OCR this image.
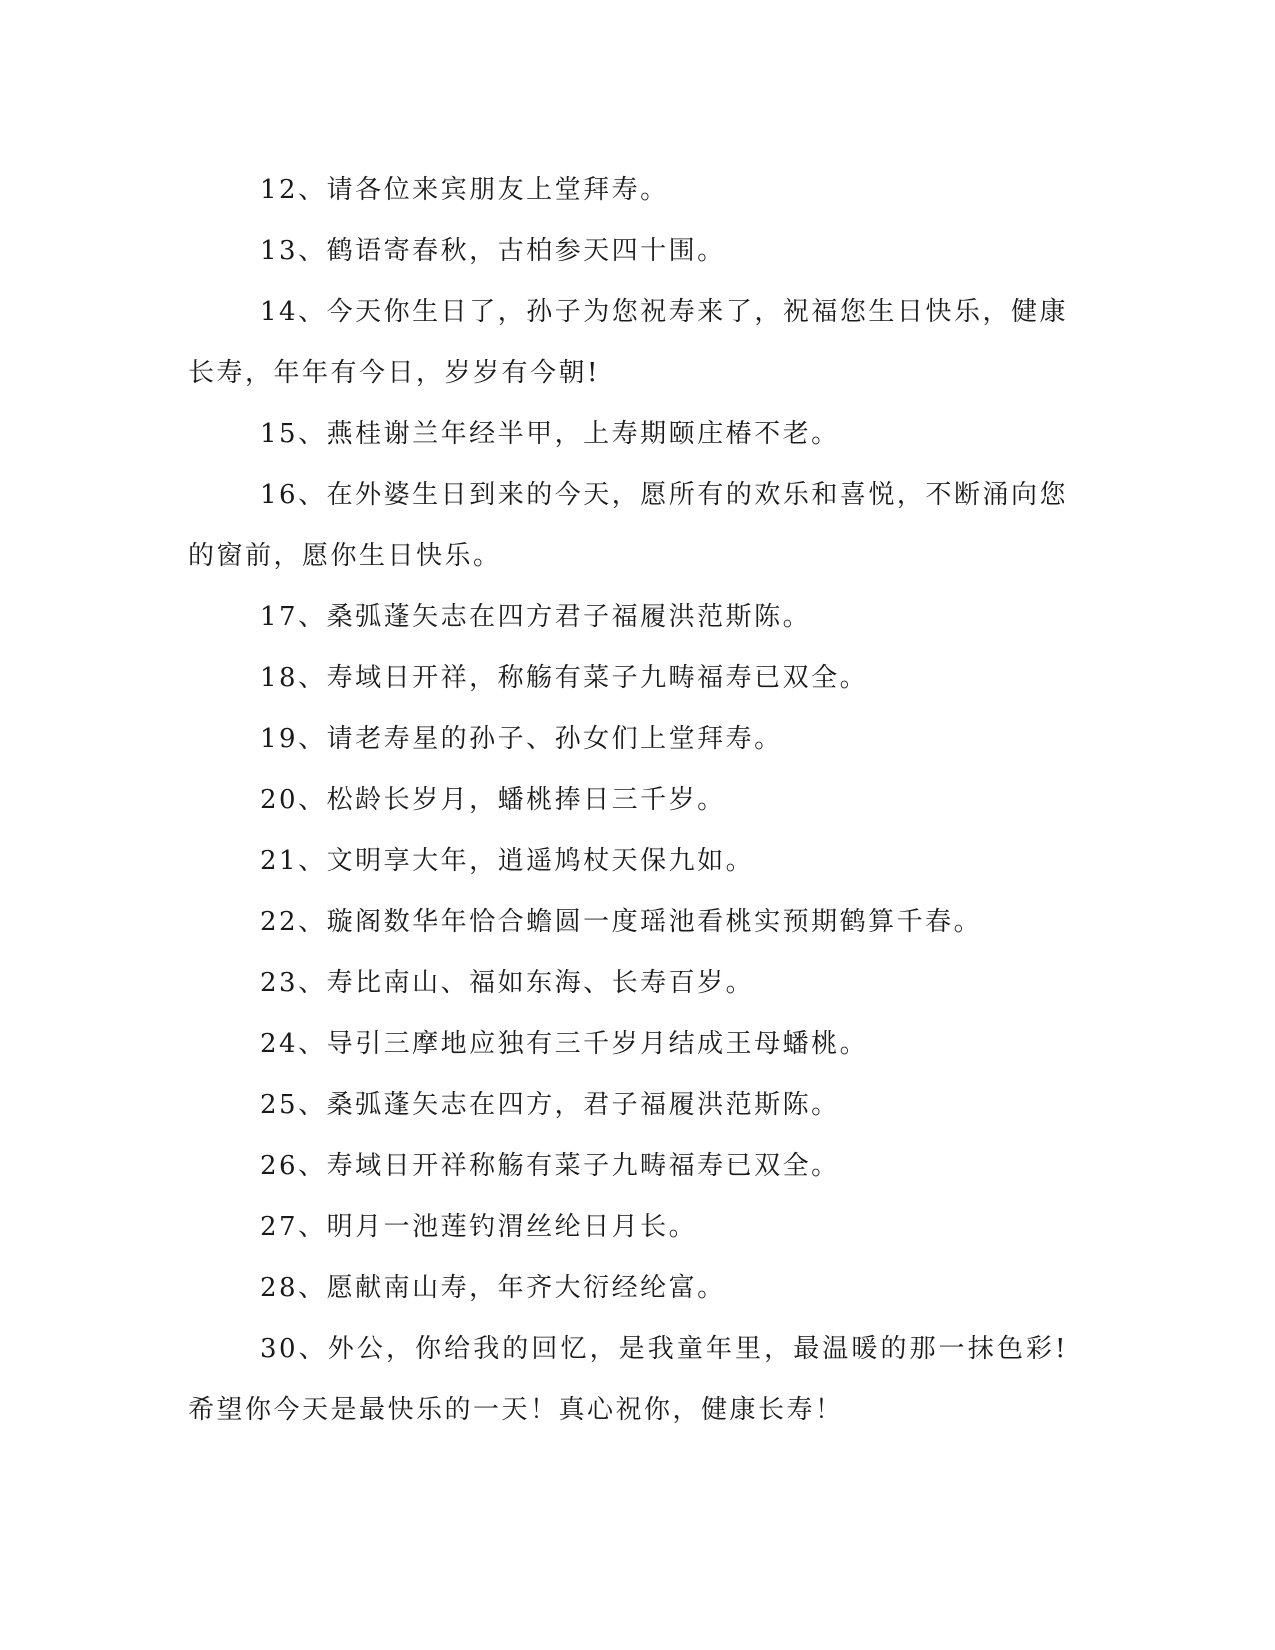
12、请各位来宾朋友上堂拜寿。

13、鹤语寄春秋，古柏参天四十围。

14、今天你生日了，孙子为您祝寿来了，祝福您生日快乐，健康长寿，年年有今日，岁岁有今朝!

15、燕桂谢兰年经半甲，上寿期颐庄椿不老。

16、在外婆生日到来的今天，愿所有的欢乐和喜悦，不断涌向您的窗前，愿你生日快乐。

17、桑弧蓬矢志在四方君子福履洪范斯陈。

18、寿域日开祥，称觞有菜子九畴福寿已双全。

19、请老寿星的孙子、孙女们上堂拜寿。

20、松龄长岁月，蟠桃捧日三千岁。

21、文明享大年，逍遥鸠杖天保九如。

22、璇阁数华年恰合蟾圆一度瑶池看桃实预期鹤算千春。

23、寿比南山、福如东海、长寿百岁。

24、导引三摩地应独有三千岁月结成王母蟠桃。

25、桑弧蓬矢志在四方，君子福履洪范斯陈。

26、寿域日开祥称觞有菜子九畴福寿已双全。

27、明月一池莲钓渭丝纶日月长。

28、愿献南山寿，年齐大衍经纶富。

30、外公，你给我的回忆，是我童年里，最温暖的那一抹色彩!希望你今天是最快乐的一天！真心祝你，健康长寿！
